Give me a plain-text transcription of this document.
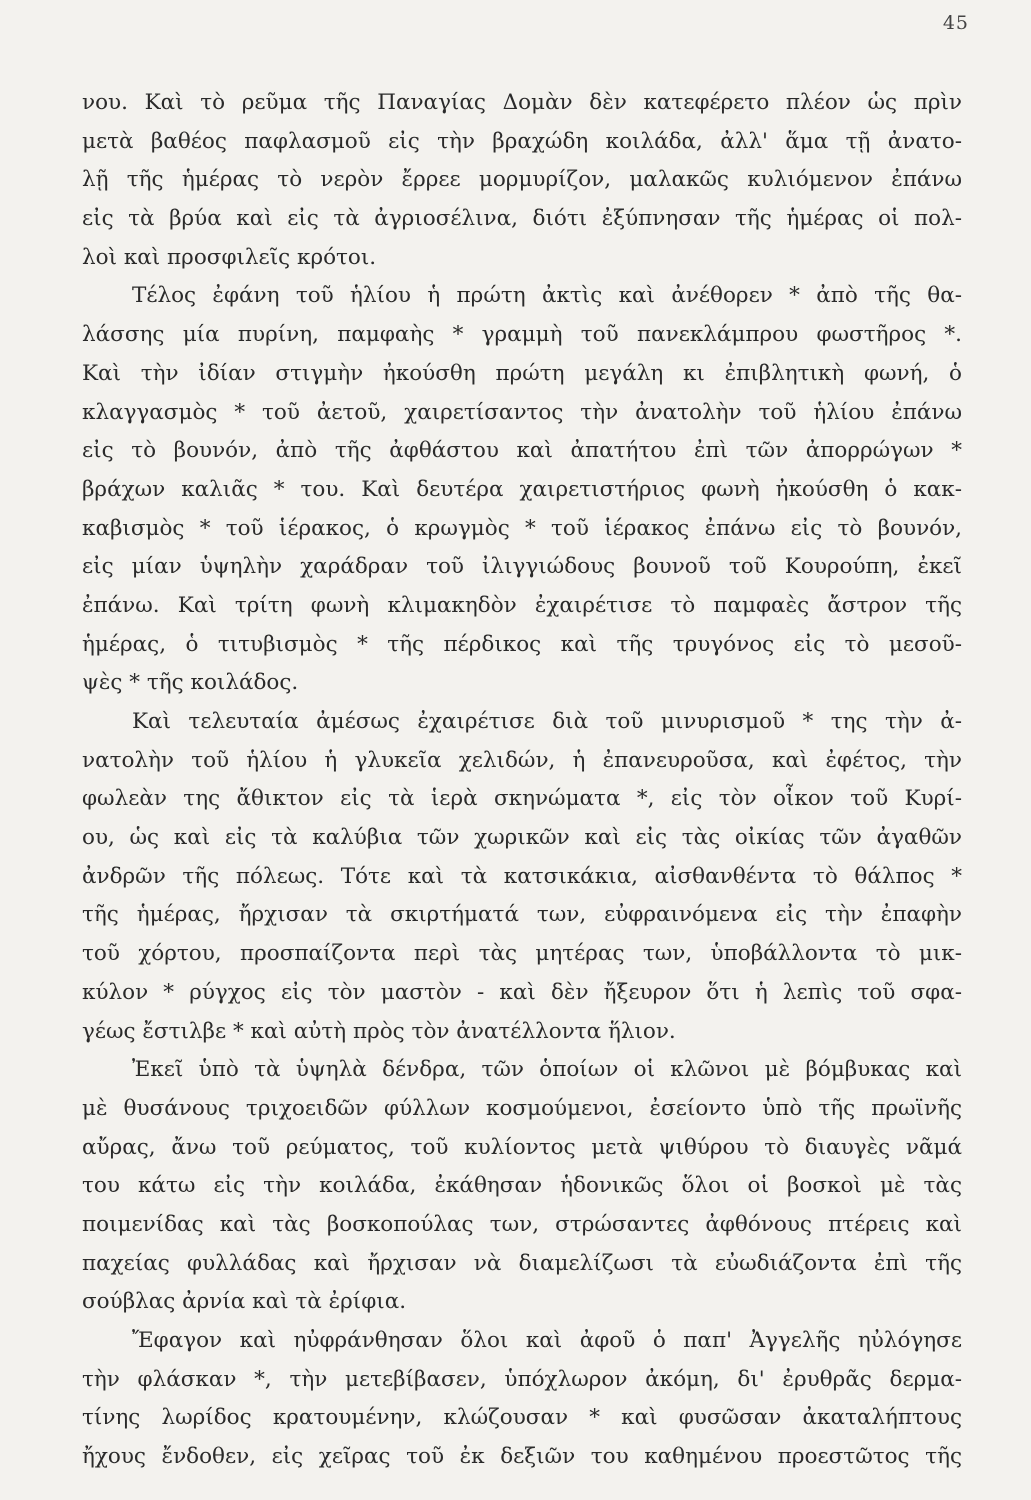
45
νου. Καὶ τὸ ρεῦμα τῆς Παναγίας Δομὰν δὲν κατεφέρετο πλέον ὡς πρὶν
μετὰ βαθέος παφλασμοῦ εἰς τὴν βραχώδη κοιλάδα, ἀλλ' ἅμα τῇ ἀνατο-
λῇ τῆς ἡμέρας τὸ νερὸν ἔρρεε μορμυρίζον, μαλακῶς κυλιόμενον ἐπάνω
εἰς τὰ βρύα καὶ εἰς τὰ ἀγριοσέλινα, διότι ἐξύπνησαν τῆς ἡμέρας οἱ πολ-
λοὶ καὶ προσφιλεῖς κρότοι.
Τέλος ἐφάνη τοῦ ἡλίου ἡ πρώτη ἀκτὶς καὶ ἀνέθορεν * ἀπὸ τῆς θα-
λάσσης μία πυρίνη, παμφαὴς * γραμμὴ τοῦ πανεκλάμπρου φωστῆρος *.
Καὶ τὴν ἰδίαν στιγμὴν ἠκούσθη πρώτη μεγάλη κι ἐπιβλητικὴ φωνή, ὁ
κλαγγασμὸς * τοῦ ἀετοῦ, χαιρετίσαντος τὴν ἀνατολὴν τοῦ ἡλίου ἐπάνω
εἰς τὸ βουνόν, ἀπὸ τῆς ἀφθάστου καὶ ἀπατήτου ἐπὶ τῶν ἀπορρώγων *
βράχων καλιᾶς * του. Καὶ δευτέρα χαιρετιστήριος φωνὴ ἠκούσθη ὁ κακ-
καβισμὸς * τοῦ ἱέρακος, ὁ κρωγμὸς * τοῦ ἱέρακος ἐπάνω εἰς τὸ βουνόν,
εἰς μίαν ὑψηλὴν χαράδραν τοῦ ἰλιγγιώδους βουνοῦ τοῦ Κουρούπη, ἐκεῖ
ἐπάνω. Καὶ τρίτη φωνὴ κλιμακηδὸν ἐχαιρέτισε τὸ παμφαὲς ἄστρον τῆς
ἡμέρας, ὁ τιτυβισμὸς * τῆς πέρδικος καὶ τῆς τρυγόνος εἰς τὸ μεσοῦ-
ψὲς * τῆς κοιλάδος.
Καὶ τελευταία ἀμέσως ἐχαιρέτισε διὰ τοῦ μινυρισμοῦ * της τὴν ἀ-
νατολὴν τοῦ ἡλίου ἡ γλυκεῖα χελιδών, ἡ ἐπανευροῦσα, καὶ ἐφέτος, τὴν
φωλεὰν της ἄθικτον εἰς τὰ ἱερὰ σκηνώματα *, εἰς τὸν οἶκον τοῦ Κυρί-
ου, ὡς καὶ εἰς τὰ καλύβια τῶν χωρικῶν καὶ εἰς τὰς οἰκίας τῶν ἀγαθῶν
ἀνδρῶν τῆς πόλεως. Τότε καὶ τὰ κατσικάκια, αἰσθανθέντα τὸ θάλπος *
τῆς ἡμέρας, ἤρχισαν τὰ σκιρτήματά των, εὐφραινόμενα εἰς τὴν ἐπαφὴν
τοῦ χόρτου, προσπαίζοντα περὶ τὰς μητέρας των, ὑποβάλλοντα τὸ μικ-
κύλον * ρύγχος εἰς τὸν μαστὸν - καὶ δὲν ἤξευρον ὅτι ἡ λεπὶς τοῦ σφα-
γέως ἔστιλβε * καὶ αὐτὴ πρὸς τὸν ἀνατέλλοντα ἥλιον.
Ἐκεῖ ὑπὸ τὰ ὑψηλὰ δένδρα, τῶν ὁποίων οἱ κλῶνοι μὲ βόμβυκας καὶ
μὲ θυσάνους τριχοειδῶν φύλλων κοσμούμενοι, ἐσείοντο ὑπὸ τῆς πρωϊνῆς
αὔρας, ἄνω τοῦ ρεύματος, τοῦ κυλίοντος μετὰ ψιθύρου τὸ διαυγὲς νᾶμά
του κάτω εἰς τὴν κοιλάδα, ἐκάθησαν ἡδονικῶς ὅλοι οἱ βοσκοὶ μὲ τὰς
ποιμενίδας καὶ τὰς βοσκοπούλας των, στρώσαντες ἀφθόνους πτέρεις καὶ
παχείας φυλλάδας καὶ ἤρχισαν νὰ διαμελίζωσι τὰ εὐωδιάζοντα ἐπὶ τῆς
σούβλας ἀρνία καὶ τὰ ἐρίφια.
Ἔφαγον καὶ ηὐφράνθησαν ὅλοι καὶ ἀφοῦ ὁ παπ' Ἀγγελῆς ηὐλόγησε
τὴν φλάσκαν *, τὴν μετεβίβασεν, ὑπόχλωρον ἀκόμη, δι' ἐρυθρᾶς δερμα-
τίνης λωρίδος κρατουμένην, κλώζουσαν * καὶ φυσῶσαν ἀκαταλήπτους
ἤχους ἔνδοθεν, εἰς χεῖρας τοῦ ἐκ δεξιῶν του καθημένου προεστῶτος τῆς
